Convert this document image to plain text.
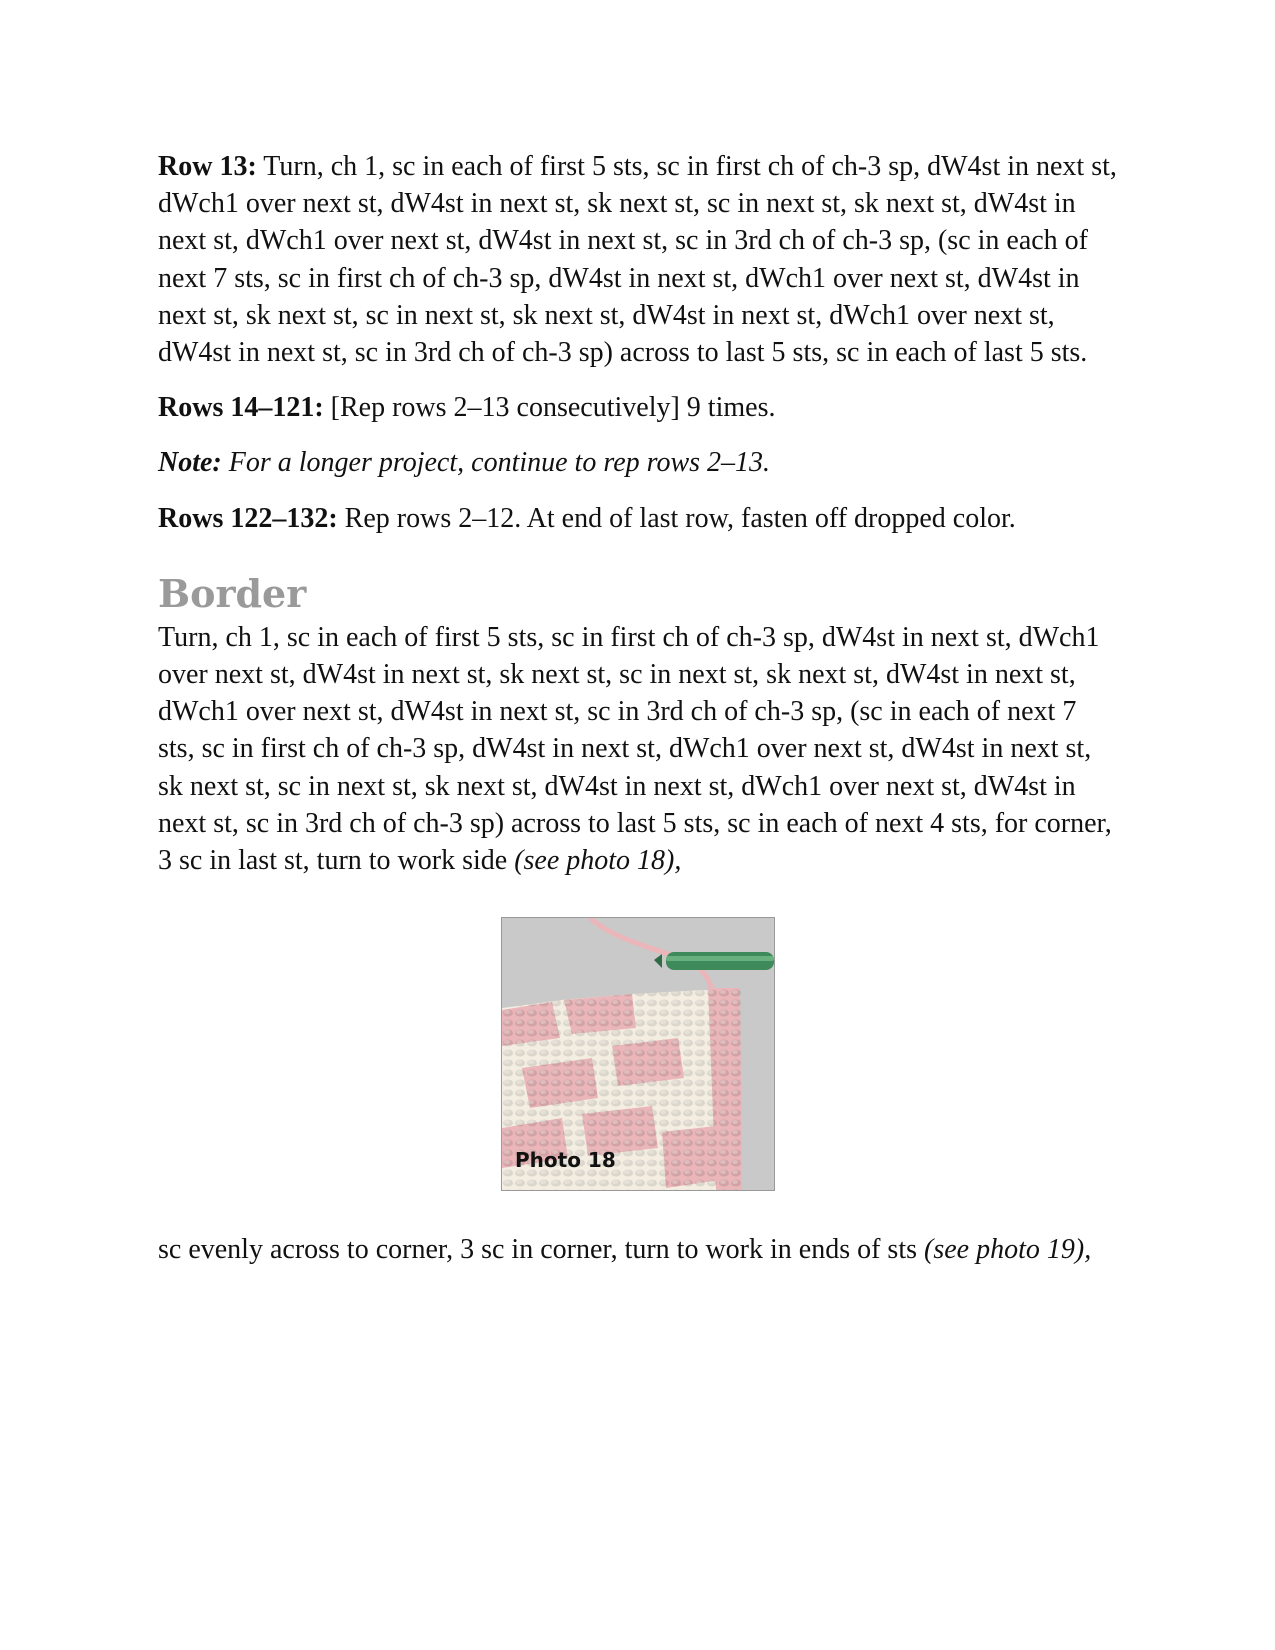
Row 13: Turn, ch 1, sc in each of first 5 sts, sc in first ch of ch-3 sp, dW4st in next st, dWch1 over next st, dW4st in next st, sk next st, sc in next st, sk next st, dW4st in next st, dWch1 over next st, dW4st in next st, sc in 3rd ch of ch-3 sp, (sc in each of next 7 sts, sc in first ch of ch-3 sp, dW4st in next st, dWch1 over next st, dW4st in next st, sk next st, sc in next st, sk next st, dW4st in next st, dWch1 over next st, dW4st in next st, sc in 3rd ch of ch-3 sp) across to last 5 sts, sc in each of last 5 sts.

Rows 14–121: [Rep rows 2–13 consecutively] 9 times.

Note: For a longer project, continue to rep rows 2–13.

Rows 122–132: Rep rows 2–12. At end of last row, fasten off dropped color.

Border

Turn, ch 1, sc in each of first 5 sts, sc in first ch of ch-3 sp, dW4st in next st, dWch1 over next st, dW4st in next st, sk next st, sc in next st, sk next st, dW4st in next st, dWch1 over next st, dW4st in next st, sc in 3rd ch of ch-3 sp, (sc in each of next 7 sts, sc in first ch of ch-3 sp, dW4st in next st, dWch1 over next st, dW4st in next st, sk next st, sc in next st, sk next st, dW4st in next st, dWch1 over next st, dW4st in next st, sc in 3rd ch of ch-3 sp) across to last 5 sts, sc in each of next 4 sts, for corner, 3 sc in last st, turn to work side (see photo 18),

Photo 18

sc evenly across to corner, 3 sc in corner, turn to work in ends of sts (see photo 19),
